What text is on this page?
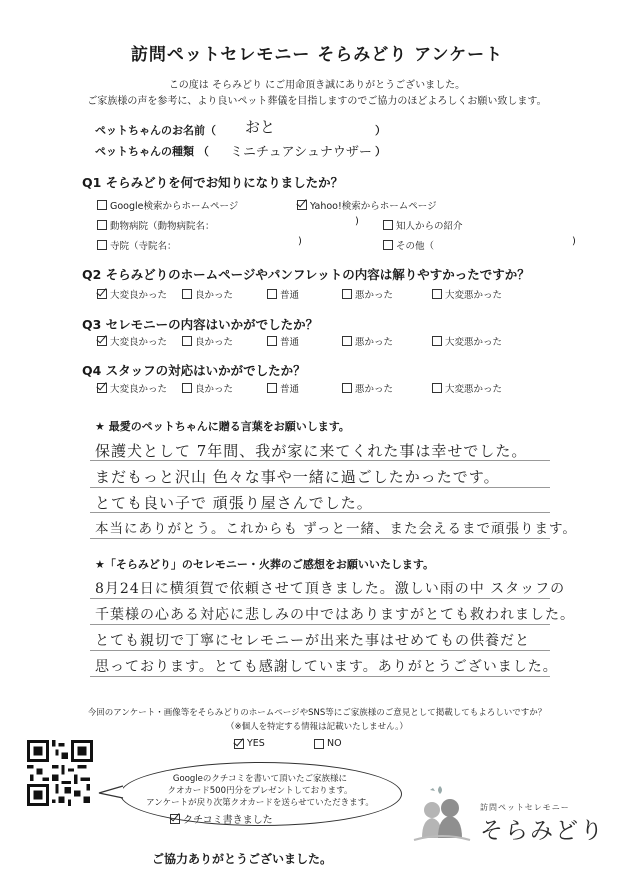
訪問ペットセレモニー そらみどり アンケート
この度は そらみどり にご用命頂き誠にありがとうございました。
ご家族様の声を参考に、より良いペット葬儀を目指しますのでご協力のほどよろしくお願い致します。
ペットちゃんのお名前（ おと	）
ペットちゃんの種類 （ ミニチュアシュナウザー ）
Q1 そらみどりを何でお知りになりましたか？
Google検索からホームページ	Yahoo!検索からホームページ
動物病院（動物病院名：	)	知人からの紹介
寺院（寺院名：	)	その他（	)
Q2 そらみどりのホームページやパンフレットの内容は解りやすかったですか？
大変良かった	良かった	普通	悪かった	大変悪かった
Q3 セレモニーの内容はいかがでしたか？
大変良かった	良かった	普通	悪かった	大変悪かった
Q4 スタッフの対応はいかがでしたか？
大変良かった	良かった	普通	悪かった	大変悪かった
★ 最愛のペットちゃんに贈る言葉をお願いします。
保護犬として 7年間、我が家に来てくれた事は幸せでした。
まだもっと沢山 色々な事や一緒に過ごしたかったです。
とても良い子で 頑張り屋さんでした。
本当にありがとう。これからも ずっと一緒、また会えるまで頑張ります。
★「そらみどり」のセレモニー・火葬のご感想をお願いいたします。
8月24日に横須賀で依頼させて頂きました。激しい雨の中 スタッフの
千葉様の心ある対応に悲しみの中ではありますがとても救われました。
とても親切で丁寧にセレモニーが出来た事はせめてもの供養だと
思っております。とても感謝しています。ありがとうございました。
今回のアンケート・画像等をそらみどりのホームページやSNS等にご家族様のご意見として掲載してもよろしいですか？
（※個人を特定する情報は記載いたしません。）
YES	NO
Googleのクチコミを書いて頂いたご家族様に
クオカード500円分をプレゼントしております。
アンケートが戻り次第クオカードを送らせていただきます。
クチコミ書きました
訪問ペットセレモニー
そらみどり
ご協力ありがとうございました。
